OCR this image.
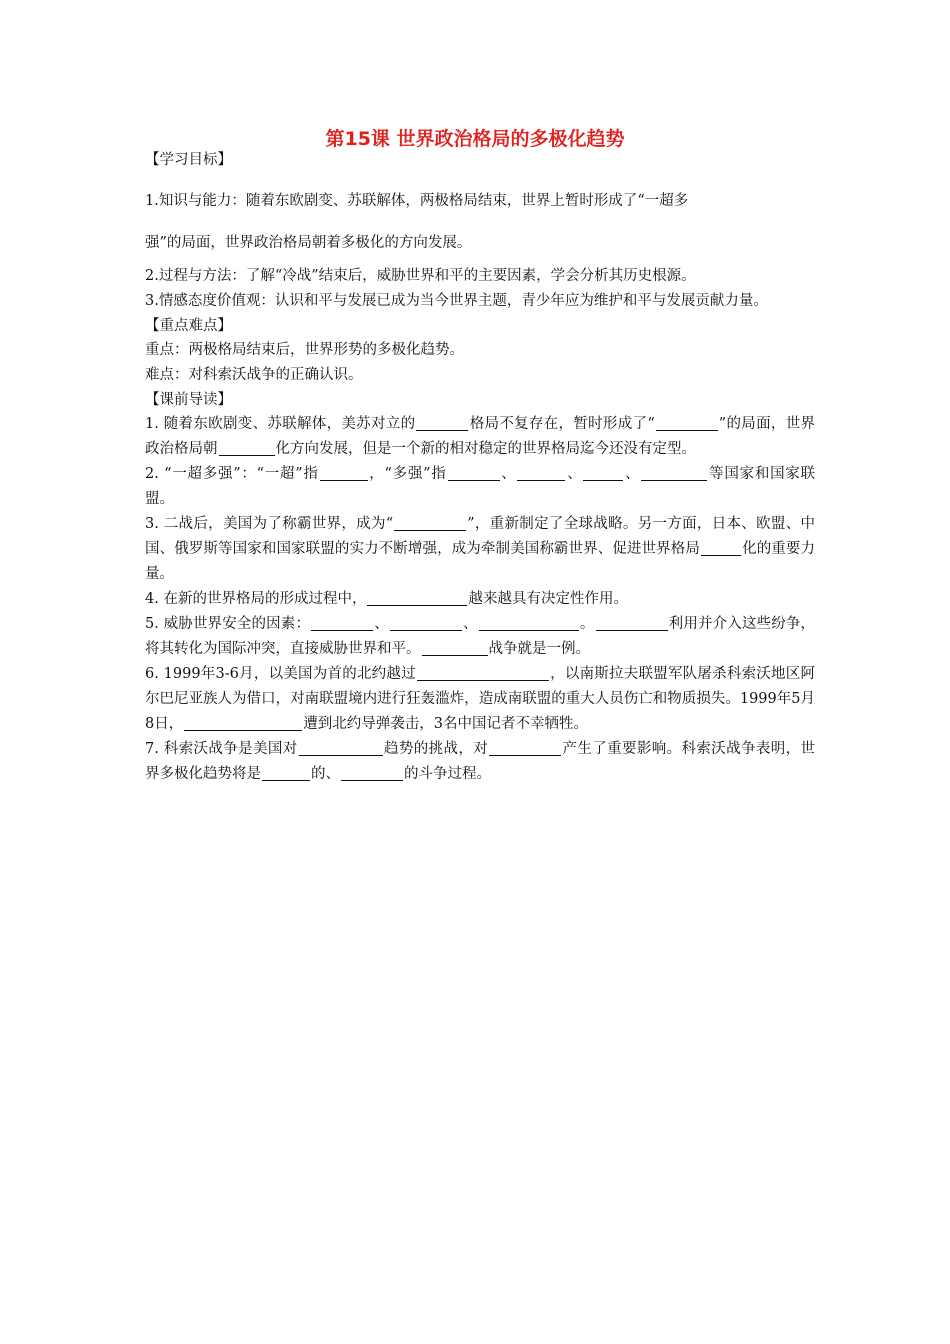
第15课 世界政治格局的多极化趋势

【学习目标】

1.知识与能力：随着东欧剧变、苏联解体，两极格局结束，世界上暂时形成了“一超多

强”的局面，世界政治格局朝着多极化的方向发展。

2.过程与方法：了解“冷战”结束后，威胁世界和平的主要因素，学会分析其历史根源。

3.情感态度价值观：认识和平与发展已成为当今世界主题，青少年应为维护和平与发展贡献力量。

【重点难点】

重点：两极格局结束后，世界形势的多极化趋势。

难点：对科索沃战争的正确认识。

【课前导读】

1. 随着东欧剧变、苏联解体，美苏对立的	格局不复存在，暂时形成了“	”的局面，世界政治格局朝	化方向发展，但是一个新的相对稳定的世界格局迄今还没有定型。

2. “一超多强”：“一超”指	，“多强”指	、	、	、	等国家和国家联盟。

3. 二战后，美国为了称霸世界，成为“	”，重新制定了全球战略。另一方面，日本、欧盟、中国、俄罗斯等国家和国家联盟的实力不断增强，成为牵制美国称霸世界、促进世界格局	化的重要力量。

4. 在新的世界格局的形成过程中，	越来越具有决定性作用。

5. 威胁世界安全的因素：	、	、	。	利用并介入这些纷争，将其转化为国际冲突，直接威胁世界和平。	战争就是一例。

6. 1999年3-6月，以美国为首的北约越过	，以南斯拉夫联盟军队屠杀科索沃地区阿尔巴尼亚族人为借口，对南联盟境内进行狂轰滥炸，造成南联盟的重大人员伤亡和物质损失。1999年5月8日，	遭到北约导弹袭击，3名中国记者不幸牺牲。

7. 科索沃战争是美国对	趋势的挑战，对	产生了重要影响。科索沃战争表明，世界多极化趋势将是	的、	的斗争过程。
